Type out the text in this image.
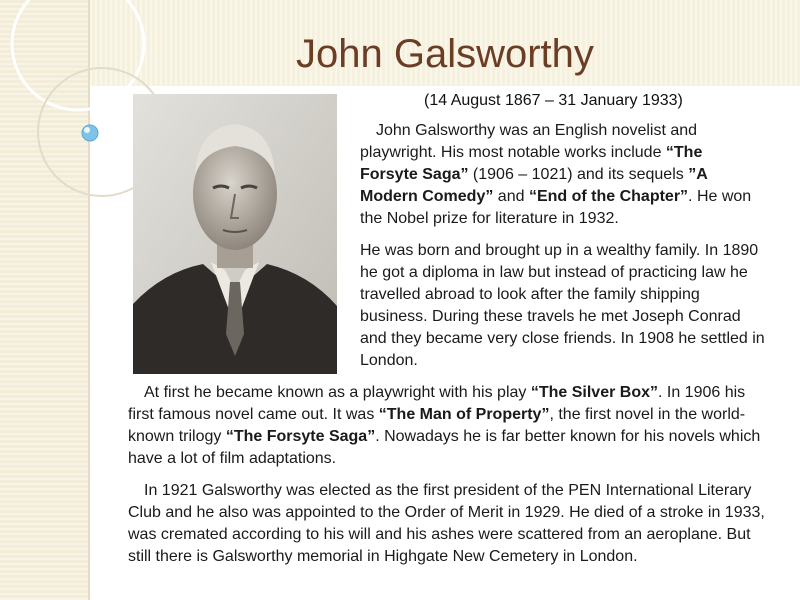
John Galsworthy
(14 August 1867 – 31 January 1933)

John Galsworthy was an English novelist and playwright. His most notable works include “The Forsyte Saga” (1906 – 1021) and its sequels ”A Modern Comedy” and “End of the Chapter”. He won the Nobel prize for literature in 1932.

He was born and brought up in a wealthy family. In 1890 he got a diploma in law but instead of practicing law he travelled abroad to look after the family shipping business. During these travels he met Joseph Conrad and they became very close friends. In 1908 he settled in London.

At first he became known as a playwright with his play “The Silver Box”. In 1906 his first famous novel came out. It was “The Man of Property”, the first novel in the world-known trilogy “The Forsyte Saga”. Nowadays he is far better known for his novels which have a lot of film adaptations.

In 1921 Galsworthy was elected as the first president of the PEN International Literary Club and he also was appointed to the Order of Merit in 1929. He died of a stroke in 1933, was cremated according to his will and his ashes were scattered from an aeroplane. But still there is Galsworthy memorial in Highgate New Cemetery in London.
